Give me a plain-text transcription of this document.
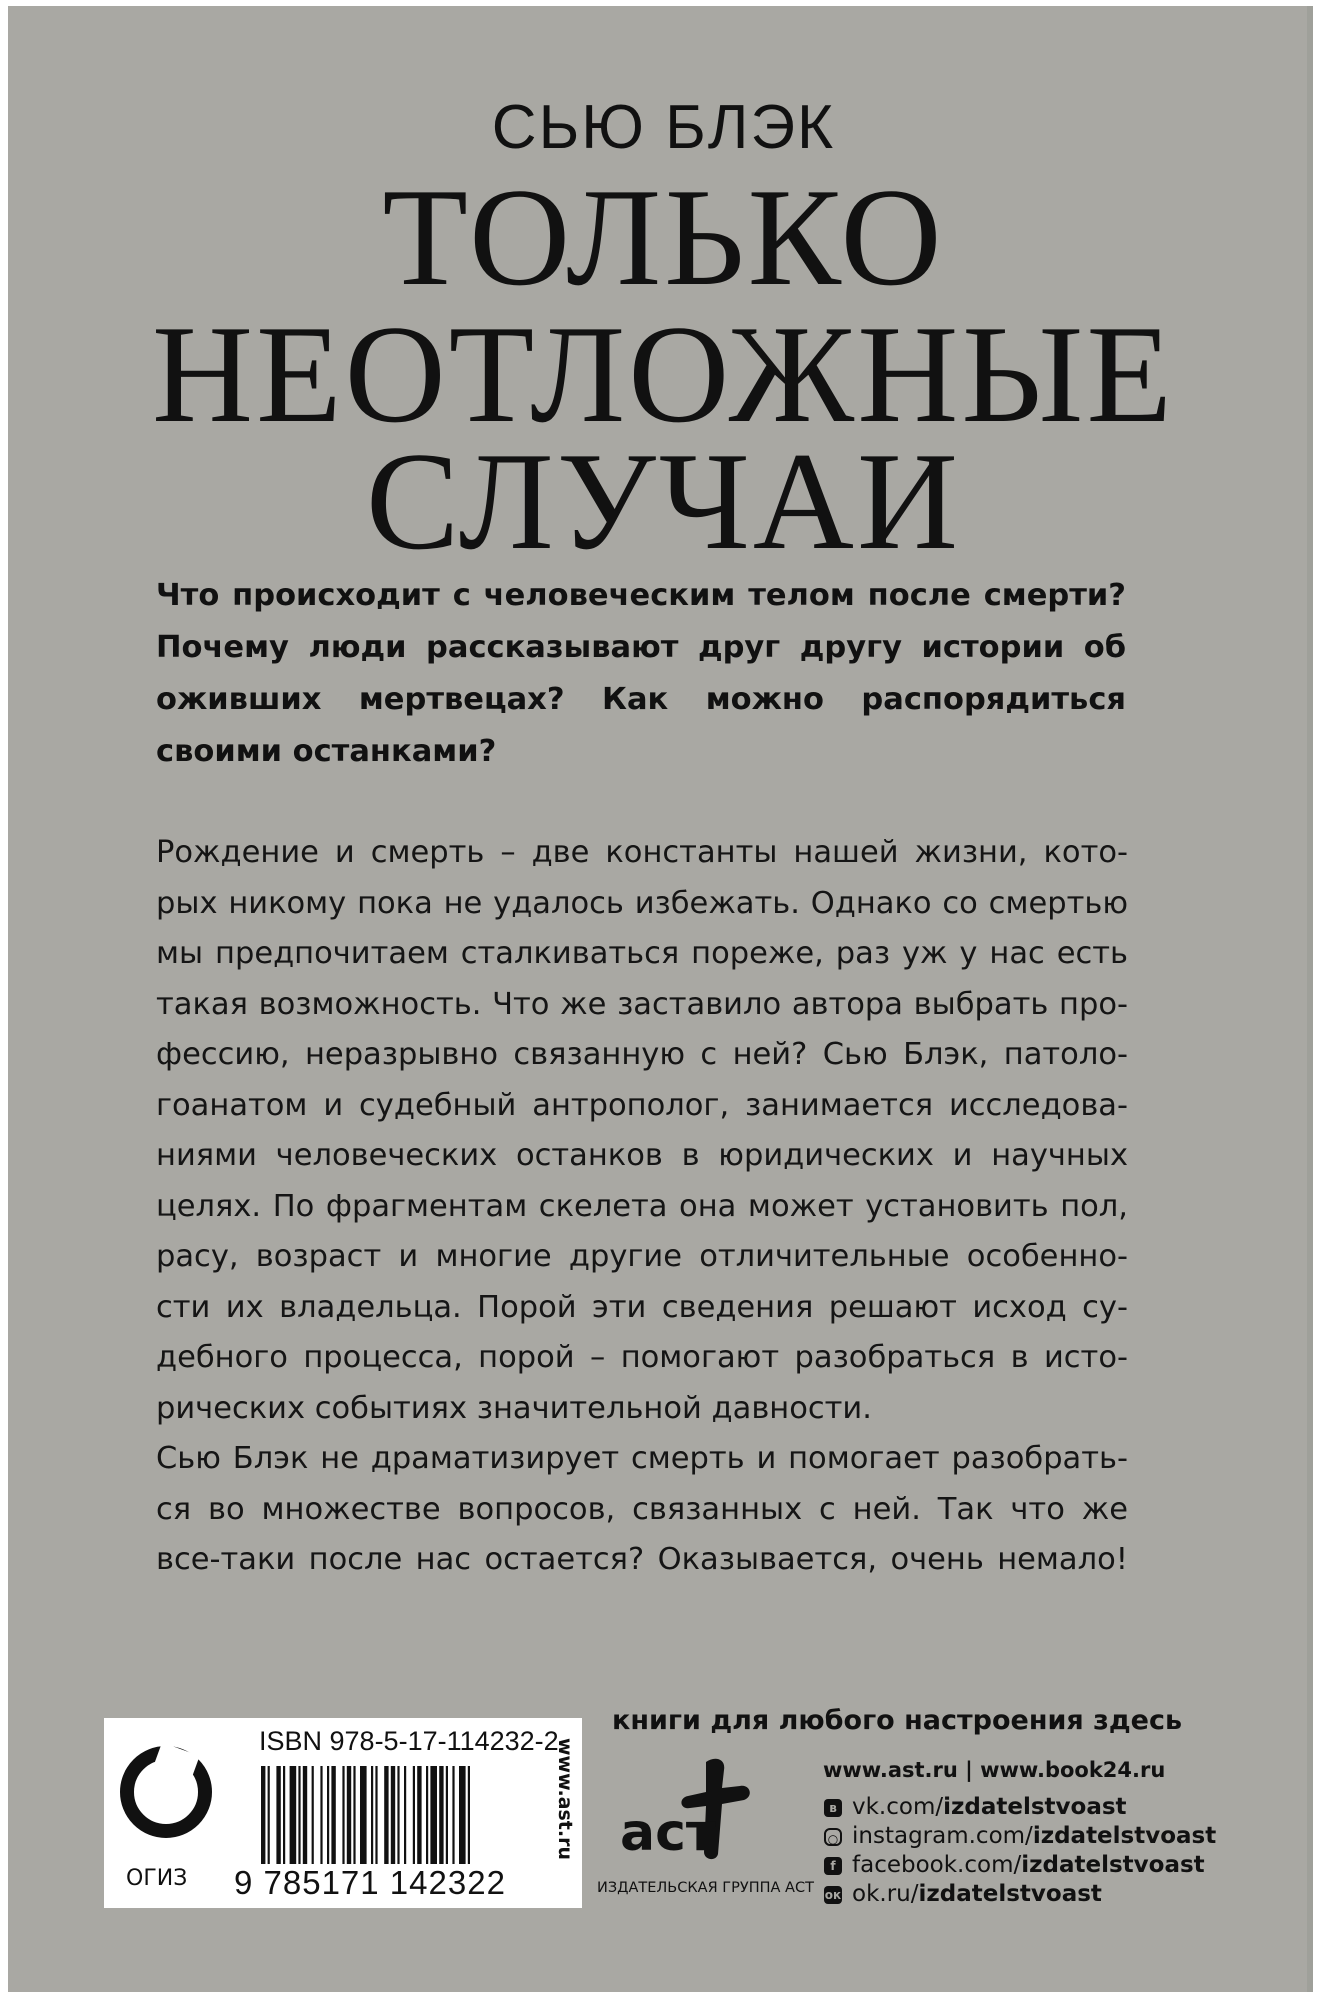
СЬЮ БЛЭК
ТОЛЬКО
НЕОТЛОЖНЫЕ
СЛУЧАИ
Что происходит с человеческим телом после смерти?
Почему люди рассказывают друг другу истории об
оживших мертвецах? Как можно распорядиться
своими останками?
Рождение и смерть – две константы нашей жизни, кото-
рых никому пока не удалось избежать. Однако со смертью
мы предпочитаем сталкиваться пореже, раз уж у нас есть
такая возможность. Что же заставило автора выбрать про-
фессию, неразрывно связанную с ней? Сью Блэк, патоло-
гоанатом и судебный антрополог, занимается исследова-
ниями человеческих останков в юридических и научных
целях. По фрагментам скелета она может установить пол,
расу, возраст и многие другие отличительные особенно-
сти их владельца. Порой эти сведения решают исход су-
дебного процесса, порой – помогают разобраться в исто-
рических событиях значительной давности.
Сью Блэк не драматизирует смерть и помогает разобрать-
ся во множестве вопросов, связанных с ней. Так что же
все-таки после нас остается? Оказывается, очень немало!
ОГИЗ
ISBN 978-5-17-114232-2
9 785171 142322
www.ast.ru
книги для любого настроения здесь
аст
ИЗДАТЕЛЬСКАЯ ГРУППА АСТ
www.ast.ru | www.book24.ru
в vk.com/ izdatelstvoast
○ instagram.com/ izdatelstvoast
f facebook.com/ izdatelstvoast
ок ok.ru/ izdatelstvoast
